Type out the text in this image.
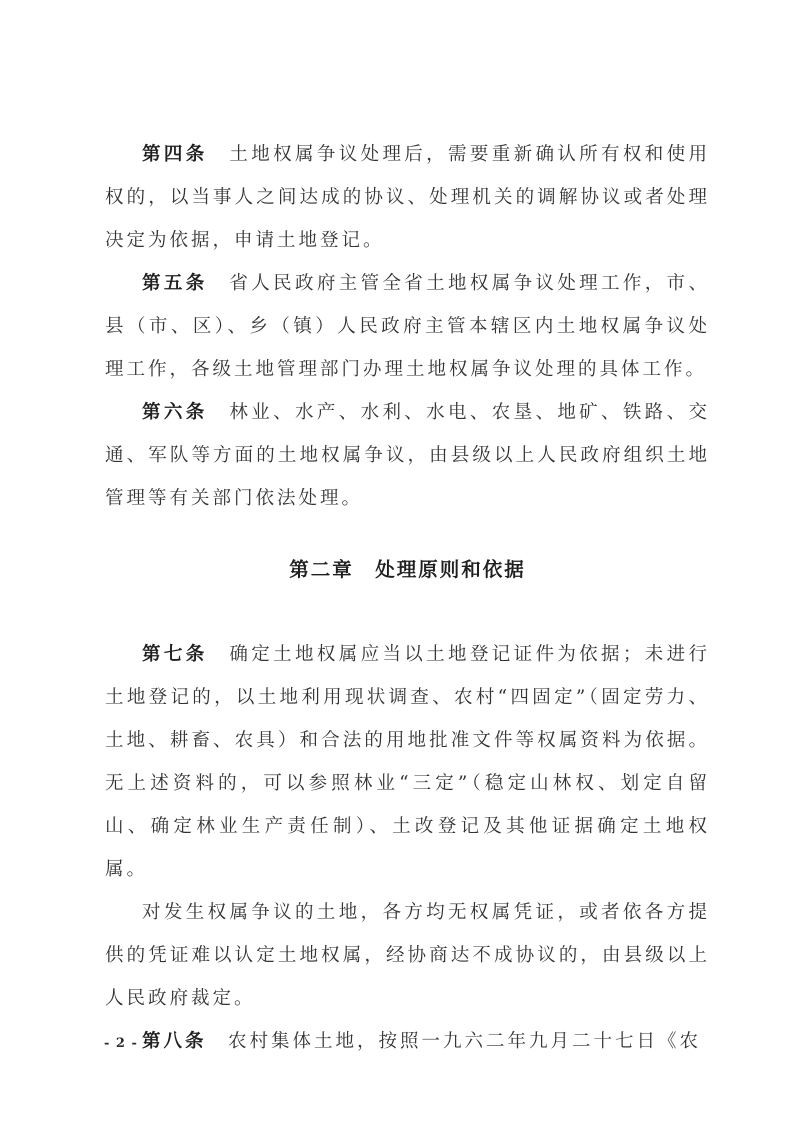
第四条　土地权属争议处理后，需要重新确认所有权和使用权的，以当事人之间达成的协议、处理机关的调解协议或者处理决定为依据，申请土地登记。

第五条　省人民政府主管全省土地权属争议处理工作，市、县（市、区）、乡（镇）人民政府主管本辖区内土地权属争议处理工作，各级土地管理部门办理土地权属争议处理的具体工作。

第六条　林业、水产、水利、水电、农垦、地矿、铁路、交通、军队等方面的土地权属争议，由县级以上人民政府组织土地管理等有关部门依法处理。

第二章　处理原则和依据

第七条　确定土地权属应当以土地登记证件为依据；未进行土地登记的，以土地利用现状调查、农村“四固定”（固定劳力、土地、耕畜、农具）和合法的用地批准文件等权属资料为依据。无上述资料的，可以参照林业“三定”（稳定山林权、划定自留山、确定林业生产责任制）、土改登记及其他证据确定土地权属。

对发生权属争议的土地，各方均无权属凭证，或者依各方提供的凭证难以认定土地权属，经协商达不成协议的，由县级以上人民政府裁定。

第八条　农村集体土地，按照一九六二年九月二十七日《农

- 2 -
